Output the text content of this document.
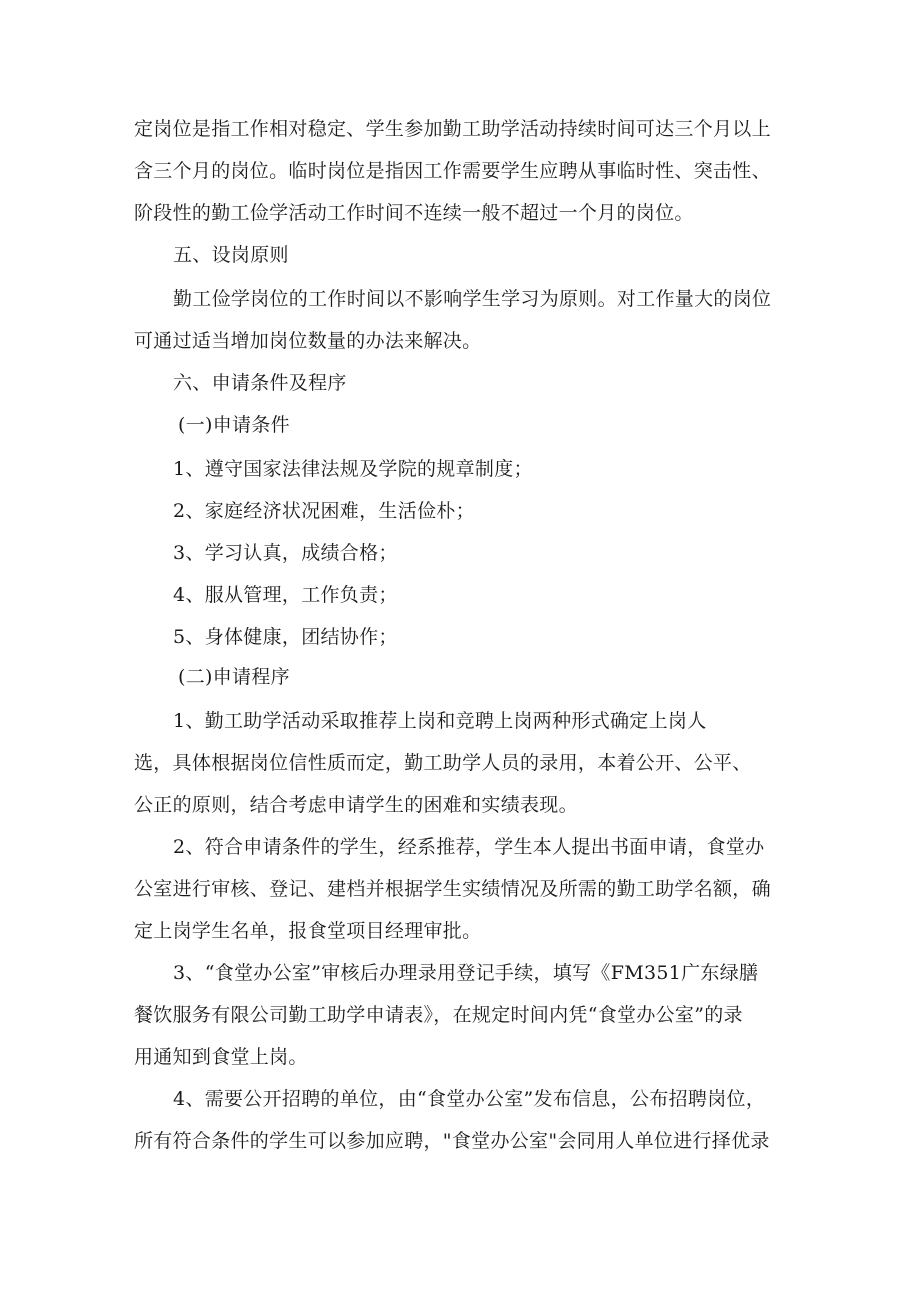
定岗位是指工作相对稳定、学生参加勤工助学活动持续时间可达三个月以上
含三个月的岗位。临时岗位是指因工作需要学生应聘从事临时性、突击性、
阶段性的勤工俭学活动工作时间不连续一般不超过一个月的岗位。
五、设岗原则
勤工俭学岗位的工作时间以不影响学生学习为原则。对工作量大的岗位
可通过适当增加岗位数量的办法来解决。
六、申请条件及程序
(一)申请条件
1、遵守国家法律法规及学院的规章制度；
2、家庭经济状况困难，生活俭朴；
3、学习认真，成绩合格；
4、服从管理，工作负责；
5、身体健康，团结协作；
(二)申请程序
1、勤工助学活动采取推荐上岗和竞聘上岗两种形式确定上岗人
选，具体根据岗位信性质而定，勤工助学人员的录用，本着公开、公平、
公正的原则，结合考虑申请学生的困难和实绩表现。
2、符合申请条件的学生，经系推荐，学生本人提出书面申请，食堂办
公室进行审核、登记、建档并根据学生实绩情况及所需的勤工助学名额，确
定上岗学生名单，报食堂项目经理审批。
3、“食堂办公室”审核后办理录用登记手续，填写《FM351广东绿膳
餐饮服务有限公司勤工助学申请表》，在规定时间内凭“食堂办公室”的录
用通知到食堂上岗。
4、需要公开招聘的单位，由“食堂办公室”发布信息，公布招聘岗位，
所有符合条件的学生可以参加应聘，"食堂办公室"会同用人单位进行择优录
